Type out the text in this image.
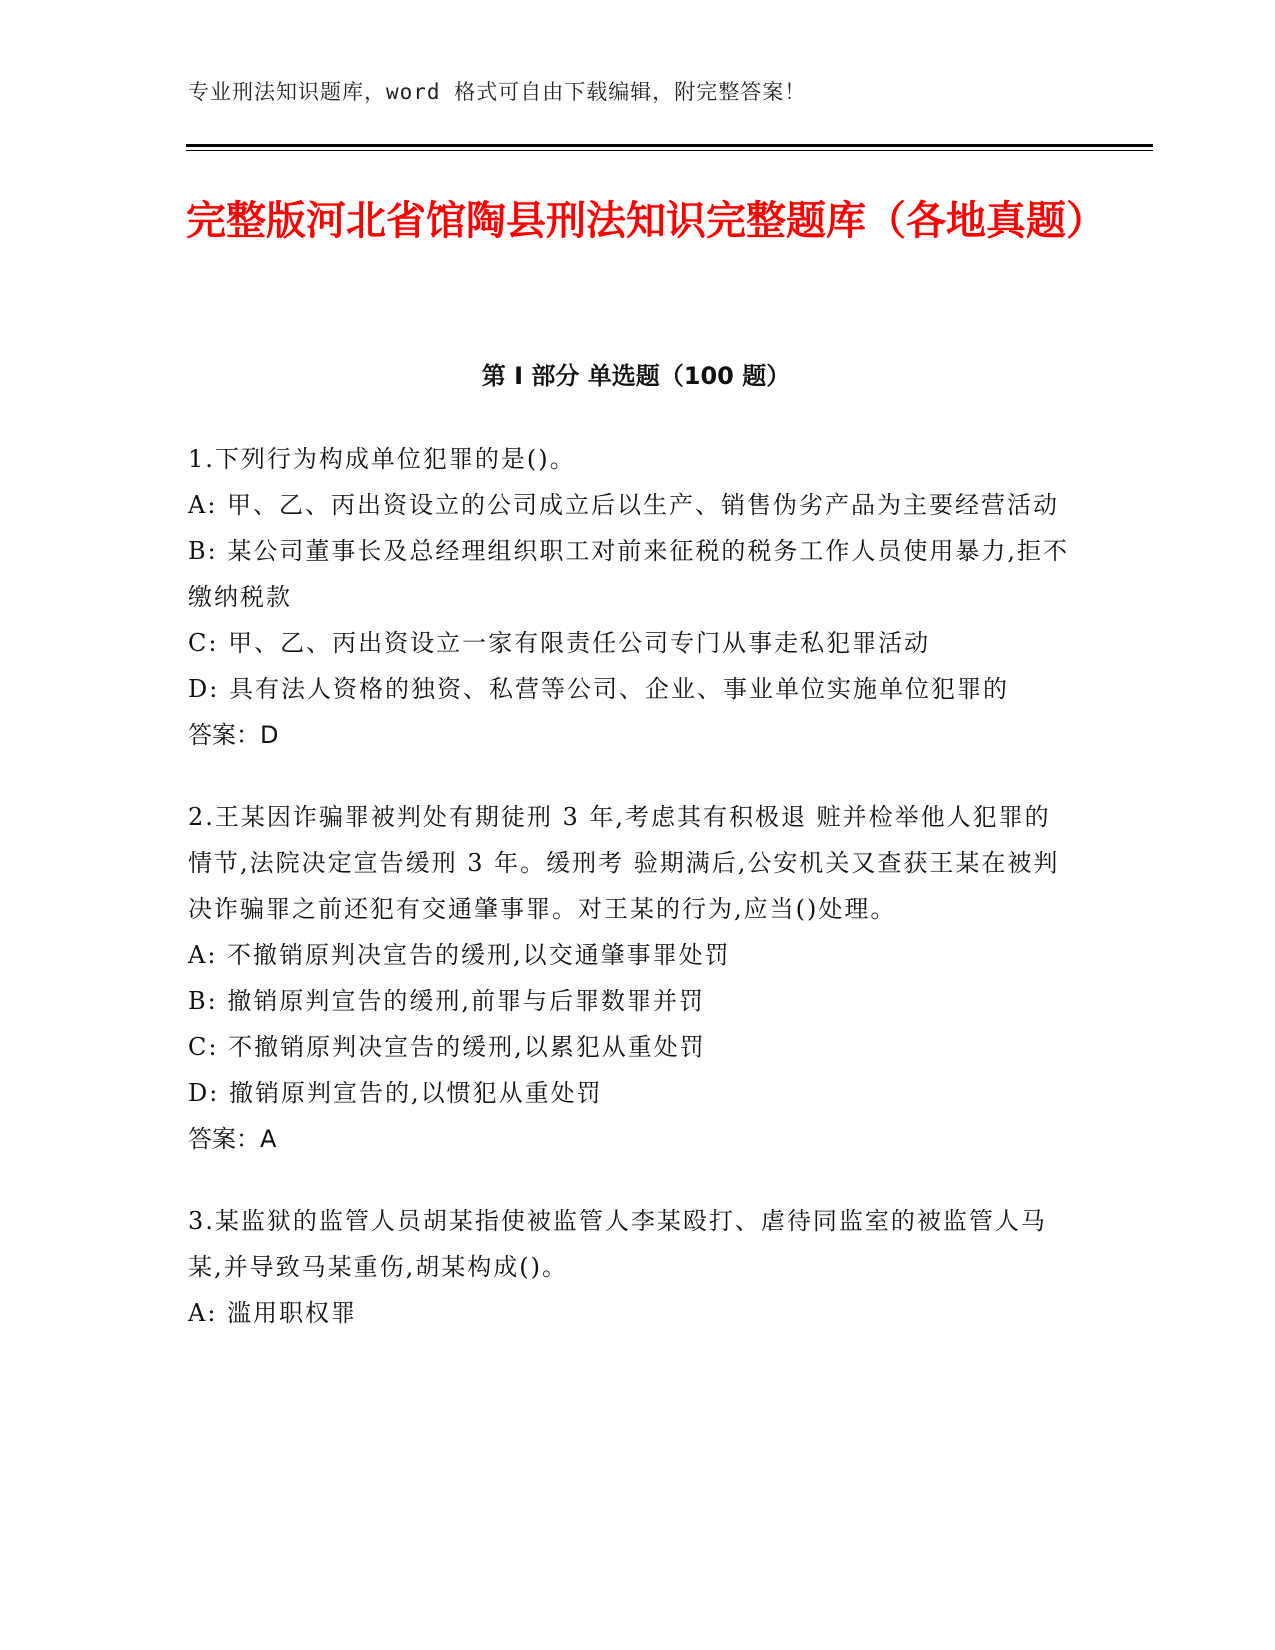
专业刑法知识题库，word 格式可自由下载编辑，附完整答案！
完整版河北省馆陶县刑法知识完整题库（各地真题）
第 I 部分 单选题（100 题）

1.下列行为构成单位犯罪的是()。

A: 甲、乙、丙出资设立的公司成立后以生产、销售伪劣产品为主要经营活动

B: 某公司董事长及总经理组织职工对前来征税的税务工作人员使用暴力,拒不缴纳税款

C: 甲、乙、丙出资设立一家有限责任公司专门从事走私犯罪活动

D: 具有法人资格的独资、私营等公司、企业、事业单位实施单位犯罪的

答案：D

2.王某因诈骗罪被判处有期徒刑 3 年,考虑其有积极退 赃并检举他人犯罪的情节,法院决定宣告缓刑 3 年。缓刑考 验期满后,公安机关又查获王某在被判决诈骗罪之前还犯有交通肇事罪。对王某的行为,应当()处理。

A: 不撤销原判决宣告的缓刑,以交通肇事罪处罚

B: 撤销原判宣告的缓刑,前罪与后罪数罪并罚

C: 不撤销原判决宣告的缓刑,以累犯从重处罚

D: 撤销原判宣告的,以惯犯从重处罚

答案：A

3.某监狱的监管人员胡某指使被监管人李某殴打、虐待同监室的被监管人马某,并导致马某重伤,胡某构成()。

A: 滥用职权罪
